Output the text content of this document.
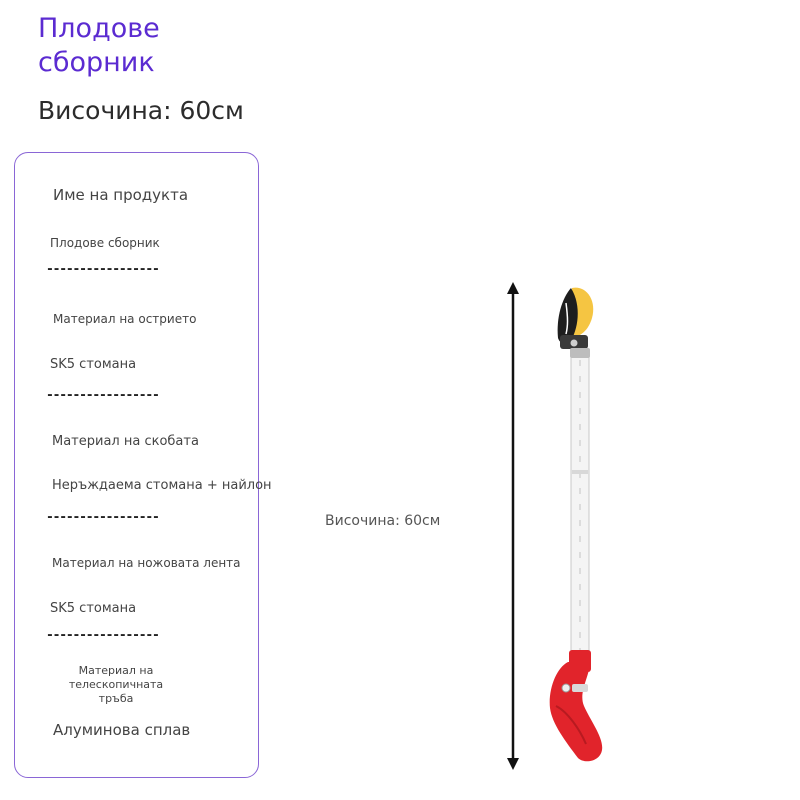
Плодове сборник
Височина: 60см
Име на продукта
Плодове сборник
-----------------
Материал на острието
SK5 стомана
-----------------
Материал на скобата
Неръждаема стомана + найлон
-----------------
Материал на ножовата лента
SK5 стомана
-----------------
Материал на телескопичната тръба
Алуминова сплав
Височина: 60см
